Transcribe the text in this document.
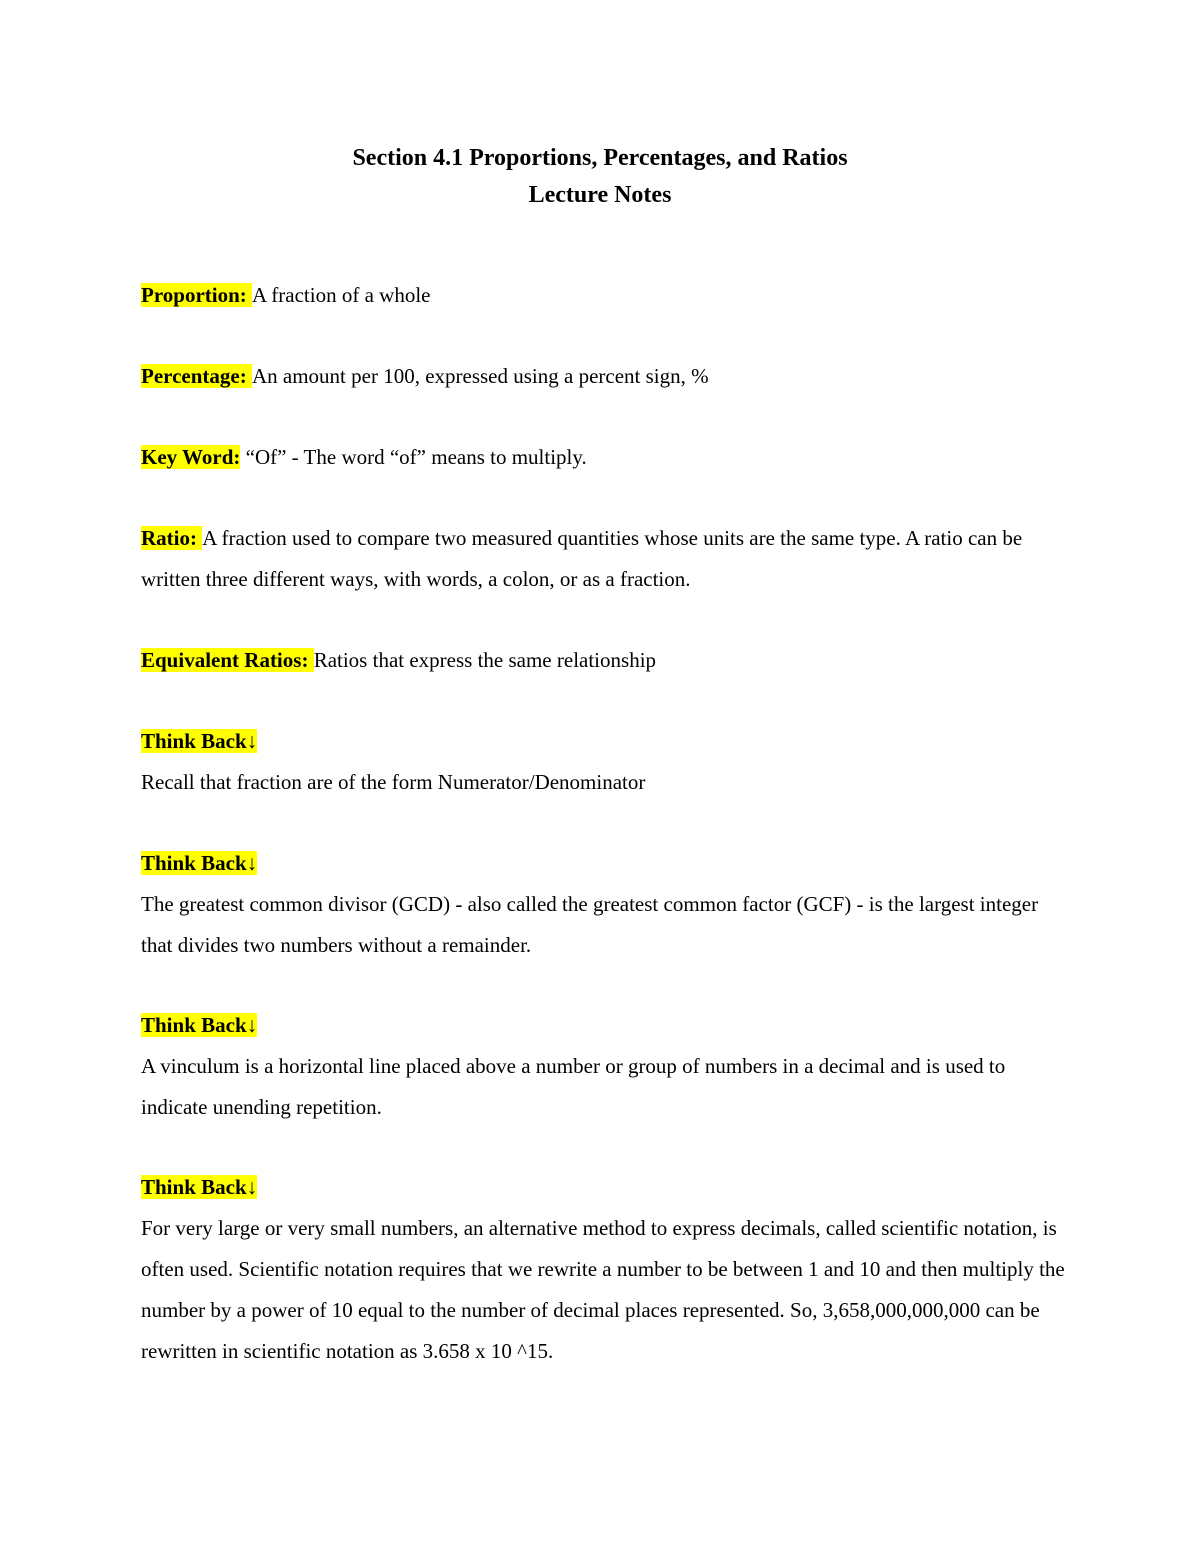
Section 4.1 Proportions, Percentages, and Ratios
Lecture Notes
Proportion: A fraction of a whole
Percentage: An amount per 100, expressed using a percent sign, %
Key Word: “Of” - The word “of” means to multiply.
Ratio: A fraction used to compare two measured quantities whose units are the same type. A ratio can be written three different ways, with words, a colon, or as a fraction.
Equivalent Ratios: Ratios that express the same relationship
Think Back↓
Recall that fraction are of the form Numerator/Denominator
Think Back↓
The greatest common divisor (GCD) - also called the greatest common factor (GCF) - is the largest integer that divides two numbers without a remainder.
Think Back↓
A vinculum is a horizontal line placed above a number or group of numbers in a decimal and is used to indicate unending repetition.
Think Back↓
For very large or very small numbers, an alternative method to express decimals, called scientific notation, is often used. Scientific notation requires that we rewrite a number to be between 1 and 10 and then multiply the number by a power of 10 equal to the number of decimal places represented. So, 3,658,000,000,000 can be rewritten in scientific notation as 3.658 x 10 ^15.
